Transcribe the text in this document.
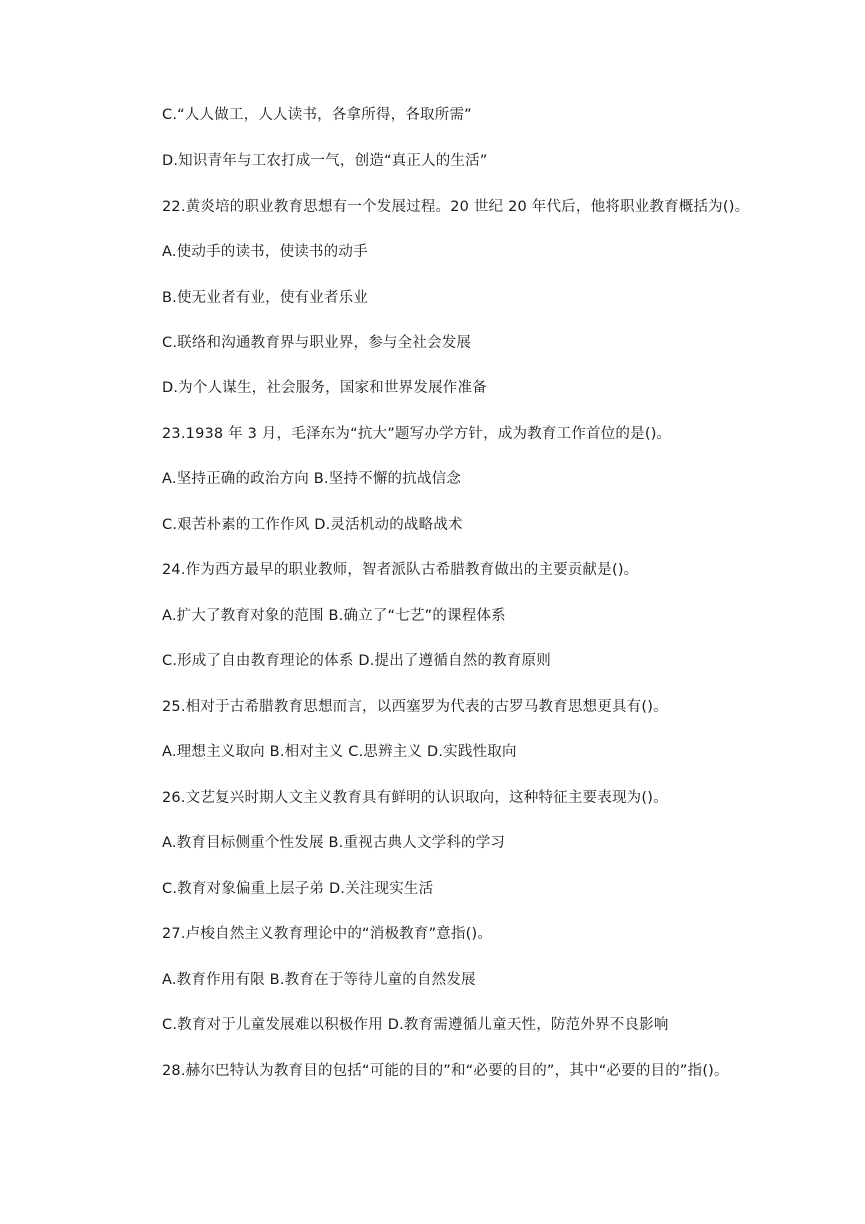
C.“人人做工，人人读书，各拿所得，各取所需”
D.知识青年与工农打成一气，创造“真正人的生活”
22.黄炎培的职业教育思想有一个发展过程。20 世纪 20 年代后，他将职业教育概括为()。
A.使动手的读书，使读书的动手
B.使无业者有业，使有业者乐业
C.联络和沟通教育界与职业界，参与全社会发展
D.为个人谋生，社会服务，国家和世界发展作准备
23.1938 年 3 月，毛泽东为“抗大”题写办学方针，成为教育工作首位的是()。
A.坚持正确的政治方向 B.坚持不懈的抗战信念
C.艰苦朴素的工作作风 D.灵活机动的战略战术
24.作为西方最早的职业教师，智者派队古希腊教育做出的主要贡献是()。
A.扩大了教育对象的范围 B.确立了“七艺”的课程体系
C.形成了自由教育理论的体系 D.提出了遵循自然的教育原则
25.相对于古希腊教育思想而言，以西塞罗为代表的古罗马教育思想更具有()。
A.理想主义取向 B.相对主义 C.思辨主义 D.实践性取向
26.文艺复兴时期人文主义教育具有鲜明的认识取向，这种特征主要表现为()。
A.教育目标侧重个性发展 B.重视古典人文学科的学习
C.教育对象偏重上层子弟 D.关注现实生活
27.卢梭自然主义教育理论中的“消极教育”意指()。
A.教育作用有限 B.教育在于等待儿童的自然发展
C.教育对于儿童发展难以积极作用 D.教育需遵循儿童天性，防范外界不良影响
28.赫尔巴特认为教育目的包括“可能的目的”和“必要的目的”，其中“必要的目的”指()。
